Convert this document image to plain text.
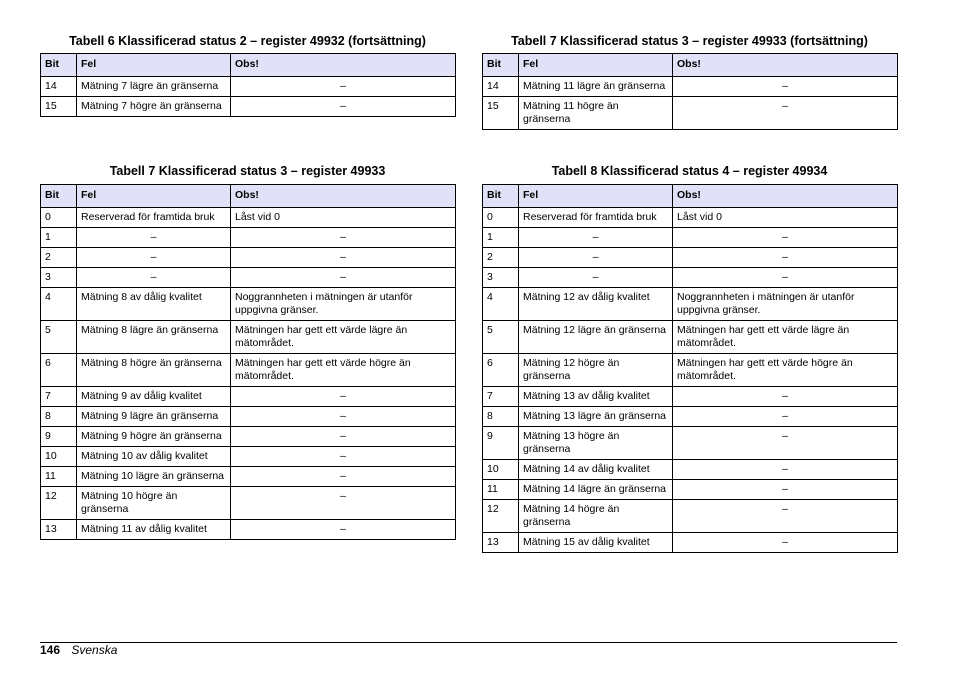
Tabell 6 Klassificerad status 2 – register 49932 (fortsättning)
Bit	Fel	Obs!
14	Mätning 7 lägre än gränserna	–
15	Mätning 7 högre än gränserna	–
Tabell 7 Klassificerad status 3 – register 49933 (fortsättning)
Bit	Fel	Obs!
14	Mätning 11 lägre än gränserna	–
15	Mätning 11 högre än gränserna	–
Tabell 7 Klassificerad status 3 – register 49933
Bit	Fel	Obs!
0	Reserverad för framtida bruk	Låst vid 0
1	–	–
2	–	–
3	–	–
4	Mätning 8 av dålig kvalitet	Noggrannheten i mätningen är utanför uppgivna gränser.
5	Mätning 8 lägre än gränserna	Mätningen har gett ett värde lägre än mätområdet.
6	Mätning 8 högre än gränserna	Mätningen har gett ett värde högre än mätområdet.
7	Mätning 9 av dålig kvalitet	–
8	Mätning 9 lägre än gränserna	–
9	Mätning 9 högre än gränserna	–
10	Mätning 10 av dålig kvalitet	–
11	Mätning 10 lägre än gränserna	–
12	Mätning 10 högre än gränserna	–
13	Mätning 11 av dålig kvalitet	–
Tabell 8 Klassificerad status 4 – register 49934
Bit	Fel	Obs!
0	Reserverad för framtida bruk	Låst vid 0
1	–	–
2	–	–
3	–	–
4	Mätning 12 av dålig kvalitet	Noggrannheten i mätningen är utanför uppgivna gränser.
5	Mätning 12 lägre än gränserna	Mätningen har gett ett värde lägre än mätområdet.
6	Mätning 12 högre än gränserna	Mätningen har gett ett värde högre än mätområdet.
7	Mätning 13 av dålig kvalitet	–
8	Mätning 13 lägre än gränserna	–
9	Mätning 13 högre än gränserna	–
10	Mätning 14 av dålig kvalitet	–
11	Mätning 14 lägre än gränserna	–
12	Mätning 14 högre än gränserna	–
13	Mätning 15 av dålig kvalitet	–
146 Svenska
